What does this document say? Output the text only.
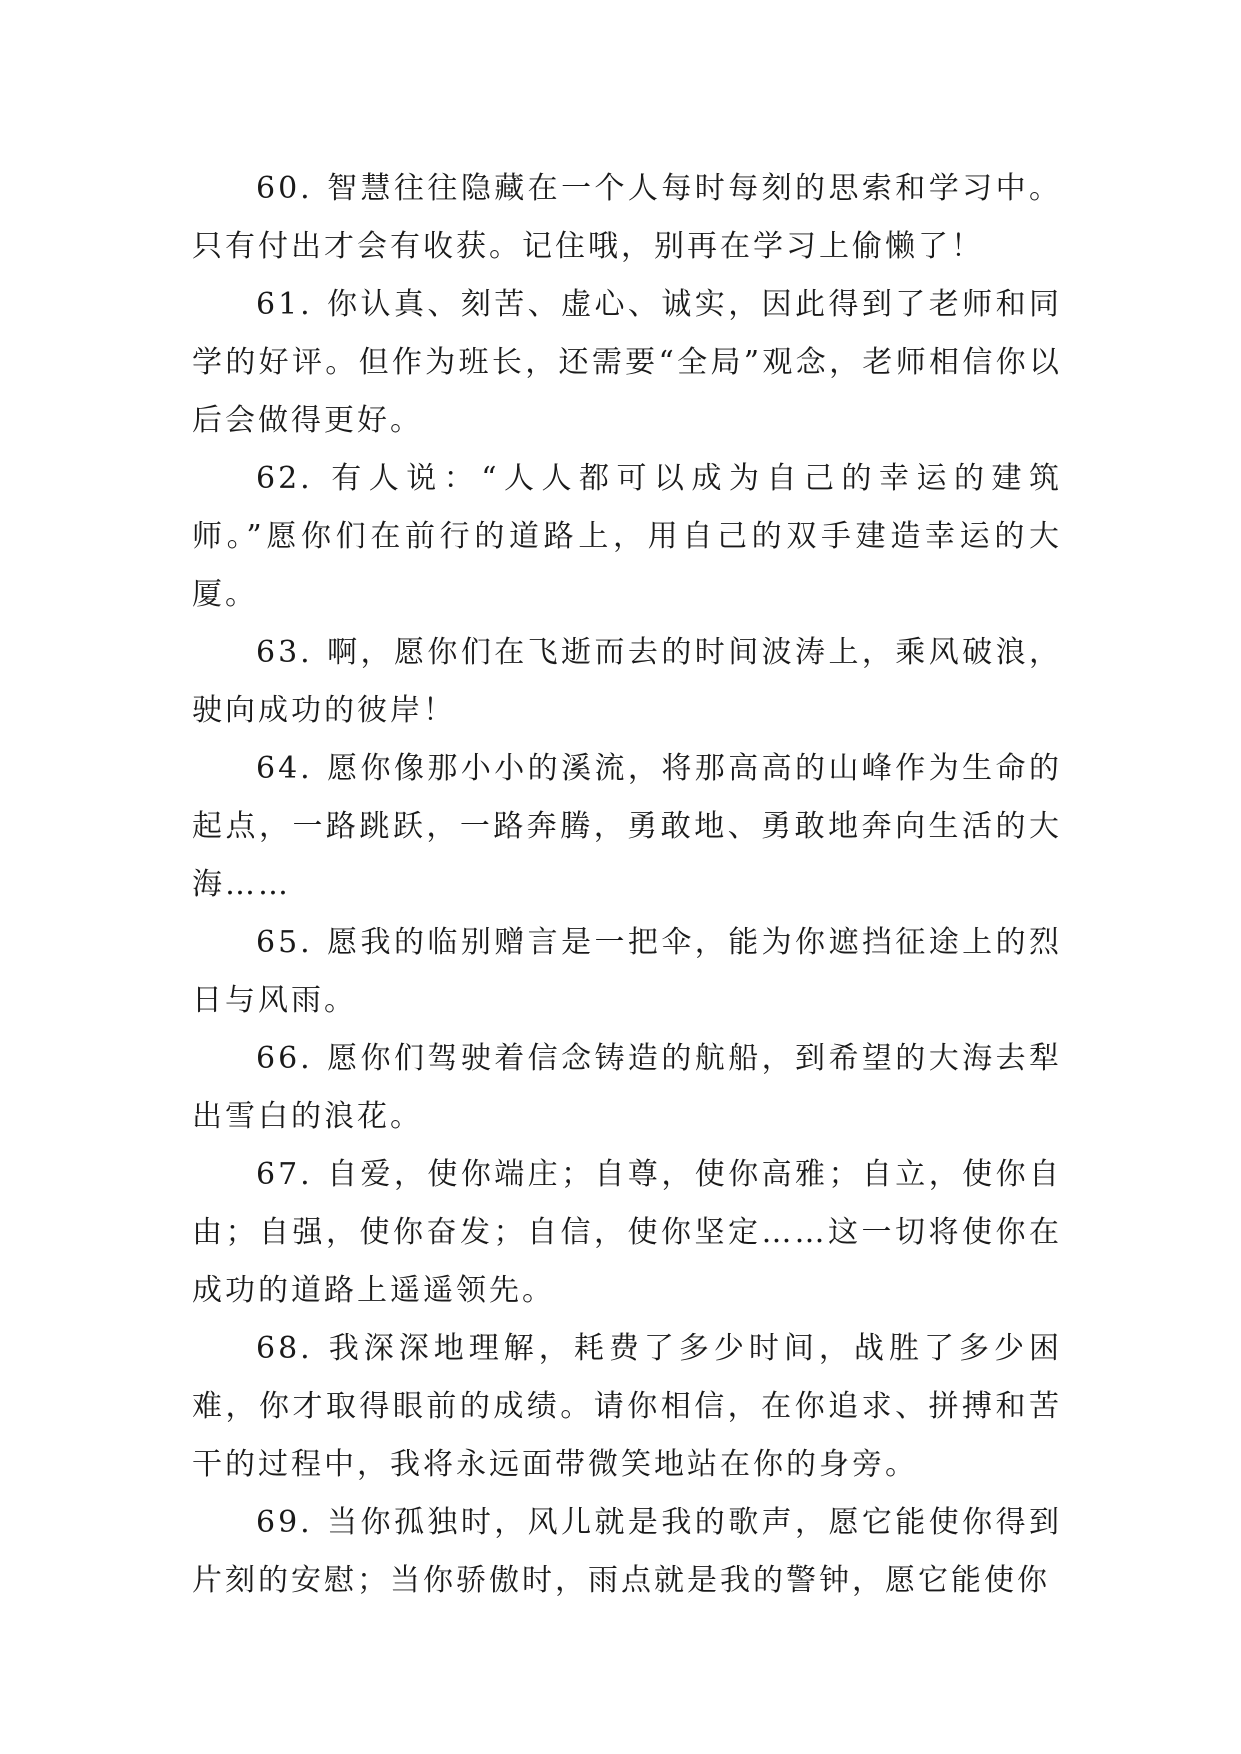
60. 智慧往往隐藏在一个人每时每刻的思索和学习中。只有付出才会有收获。记住哦，别再在学习上偷懒了！

61. 你认真、刻苦、虚心、诚实，因此得到了老师和同学的好评。但作为班长，还需要“全局”观念，老师相信你以后会做得更好。

62. 有人说：“人人都可以成为自己的幸运的建筑师。”愿你们在前行的道路上，用自己的双手建造幸运的大厦。

63. 啊，愿你们在飞逝而去的时间波涛上，乘风破浪，驶向成功的彼岸！

64. 愿你像那小小的溪流，将那高高的山峰作为生命的起点，一路跳跃，一路奔腾，勇敢地、勇敢地奔向生活的大海……

65. 愿我的临别赠言是一把伞，能为你遮挡征途上的烈日与风雨。

66. 愿你们驾驶着信念铸造的航船，到希望的大海去犁出雪白的浪花。

67. 自爱，使你端庄；自尊，使你高雅；自立，使你自由；自强，使你奋发；自信，使你坚定……这一切将使你在成功的道路上遥遥领先。

68. 我深深地理解，耗费了多少时间，战胜了多少困难，你才取得眼前的成绩。请你相信，在你追求、拼搏和苦干的过程中，我将永远面带微笑地站在你的身旁。

69. 当你孤独时，风儿就是我的歌声，愿它能使你得到片刻的安慰；当你骄傲时，雨点就是我的警钟，愿它能使你
